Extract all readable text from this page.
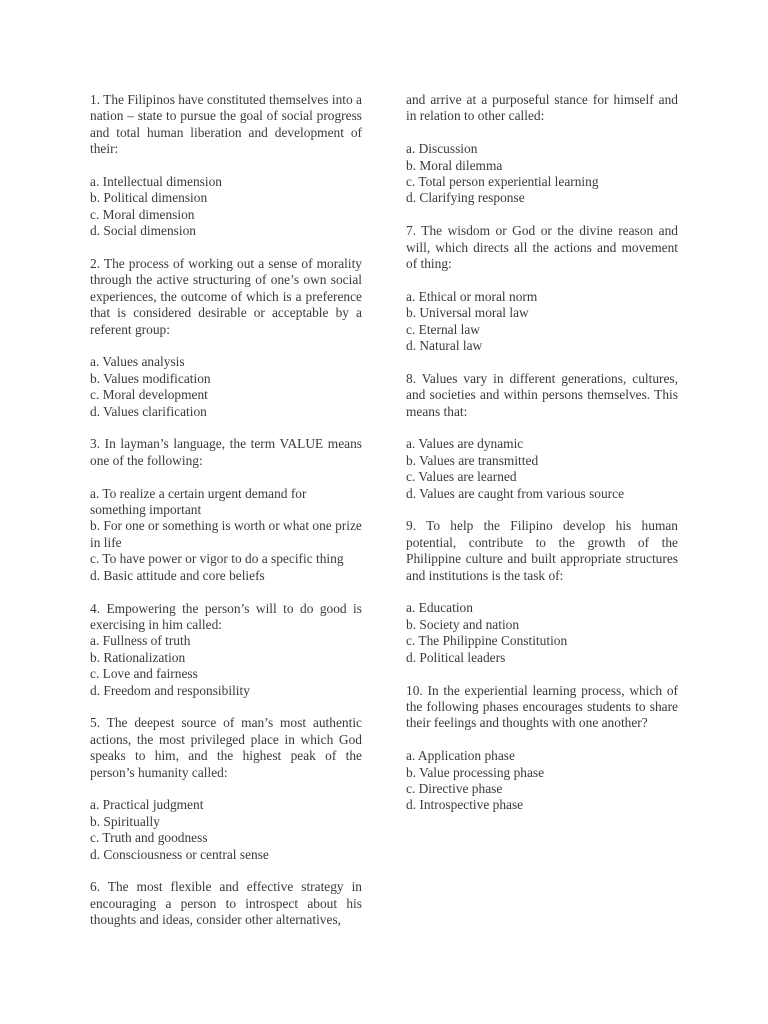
1. The Filipinos have constituted themselves into a nation – state to pursue the goal of social progress and total human liberation and development of their:

a. Intellectual dimension
b. Political dimension
c. Moral dimension
d. Social dimension

2. The process of working out a sense of morality through the active structuring of one’s own social experiences, the outcome of which is a preference that is considered desirable or acceptable by a referent group:

a. Values analysis
b. Values modification
c. Moral development
d. Values clarification

3. In layman’s language, the term VALUE means one of the following:

a. To realize a certain urgent demand for something important
b. For one or something is worth or what one prize in life
c. To have power or vigor to do a specific thing
d. Basic attitude and core beliefs

4. Empowering the person’s will to do good is exercising in him called:

a. Fullness of truth
b. Rationalization
c. Love and fairness
d. Freedom and responsibility

5. The deepest source of man’s most authentic actions, the most privileged place in which God speaks to him, and the highest peak of the person’s humanity called:

a. Practical judgment
b. Spiritually
c. Truth and goodness
d. Consciousness or central sense

6. The most flexible and effective strategy in encouraging a person to introspect about his thoughts and ideas, consider other alternatives,

and arrive at a purposeful stance for himself and in relation to other called:

a. Discussion
b. Moral dilemma
c. Total person experiential learning
d. Clarifying response

7. The wisdom or God or the divine reason and will, which directs all the actions and movement of thing:

a. Ethical or moral norm
b. Universal moral law
c. Eternal law
d. Natural law

8. Values vary in different generations, cultures, and societies and within persons themselves. This means that:

a. Values are dynamic
b. Values are transmitted
c. Values are learned
d. Values are caught from various source

9. To help the Filipino develop his human potential, contribute to the growth of the Philippine culture and built appropriate structures and institutions is the task of:

a. Education
b. Society and nation
c. The Philippine Constitution
d. Political leaders

10. In the experiential learning process, which of the following phases encourages students to share their feelings and thoughts with one another?

a. Application phase
b. Value processing phase
c. Directive phase
d. Introspective phase
